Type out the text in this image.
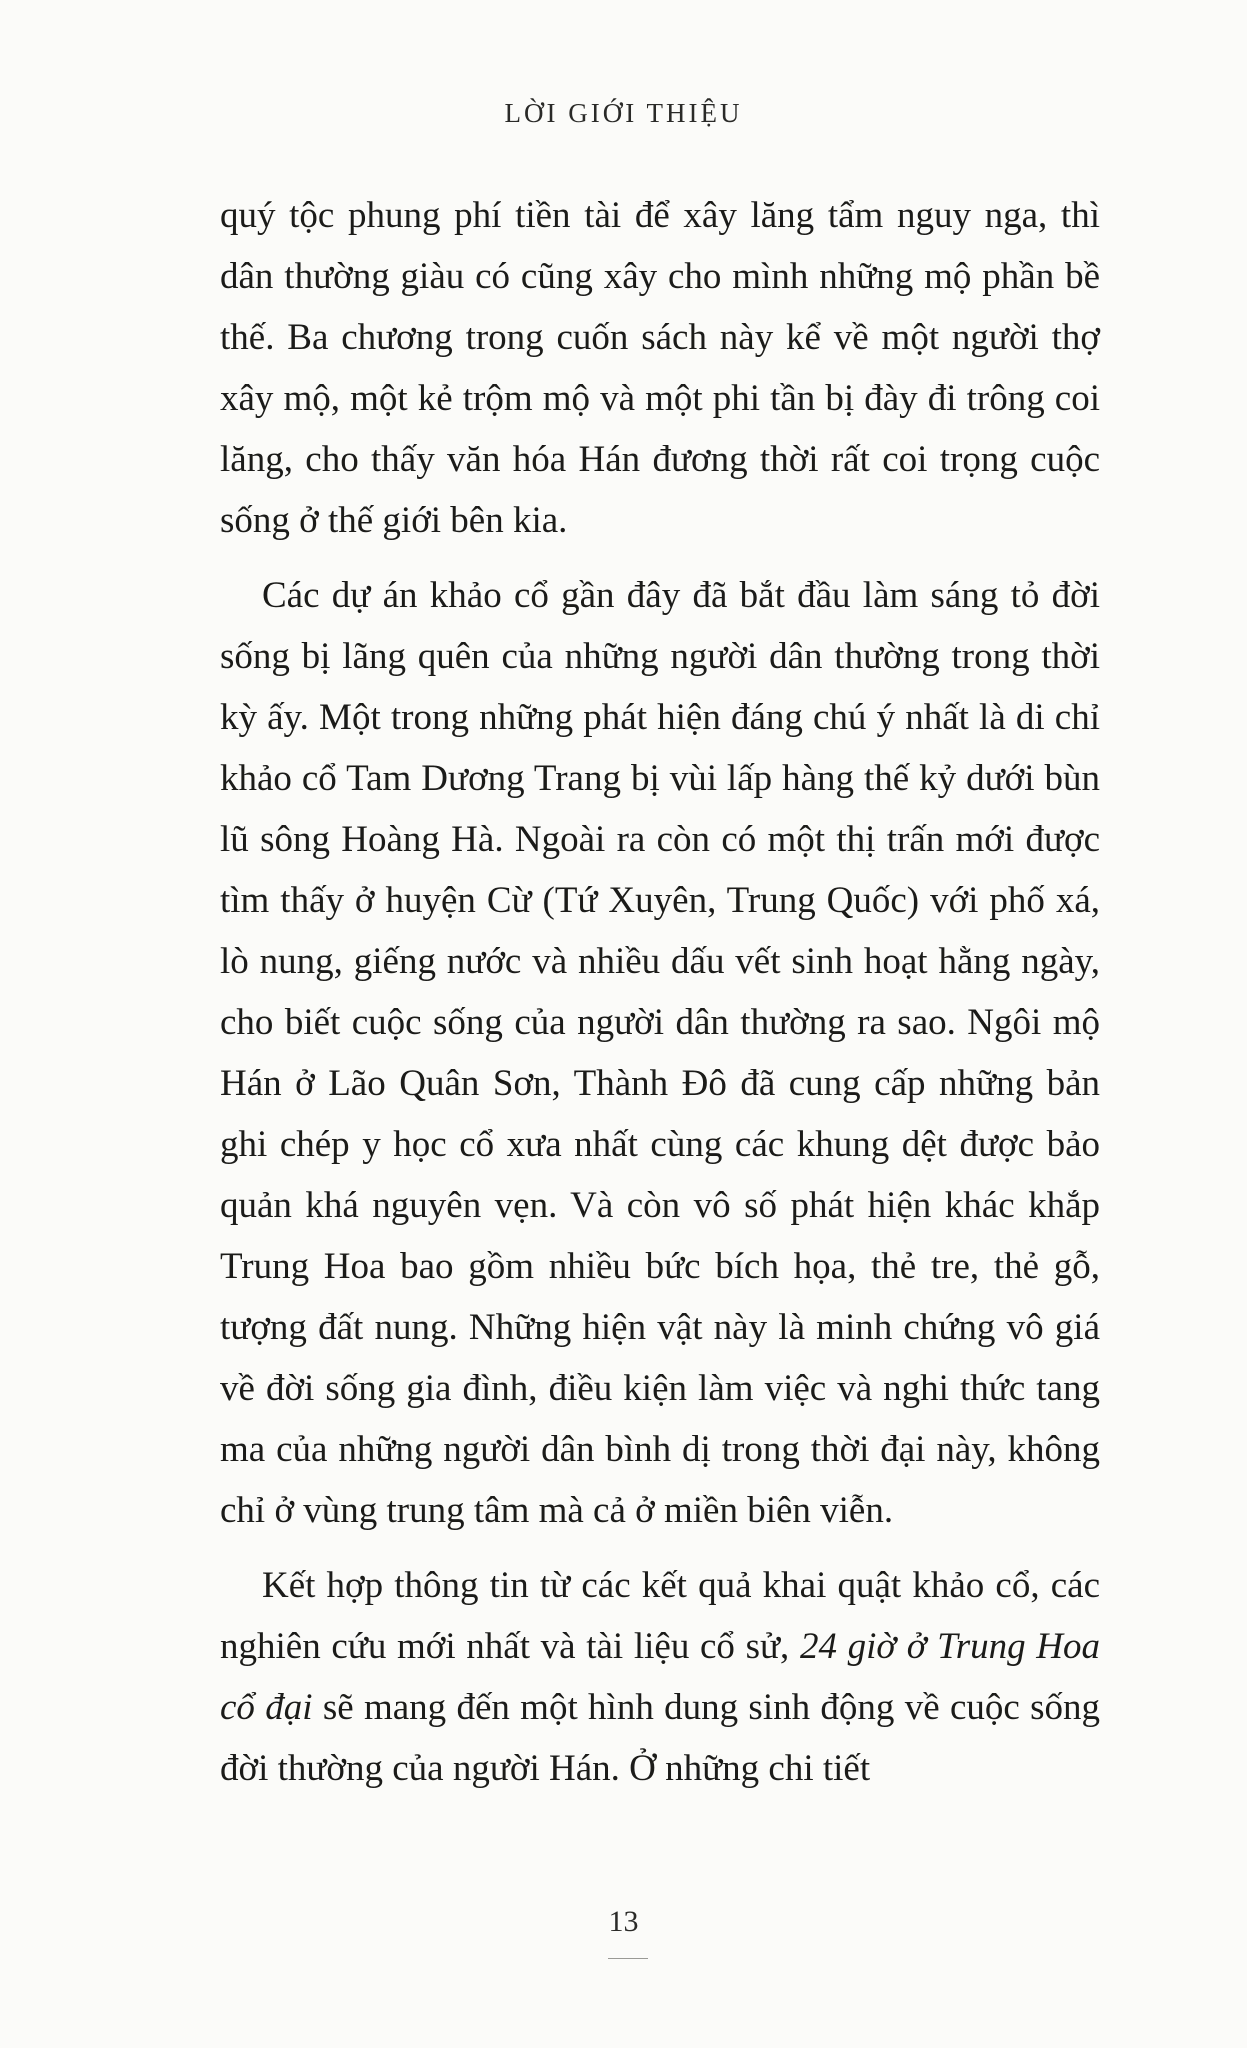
LỜI GIỚI THIỆU

quý tộc phung phí tiền tài để xây lăng tẩm nguy nga, thì dân thường giàu có cũng xây cho mình những mộ phần bề thế. Ba chương trong cuốn sách này kể về một người thợ xây mộ, một kẻ trộm mộ và một phi tần bị đày đi trông coi lăng, cho thấy văn hóa Hán đương thời rất coi trọng cuộc sống ở thế giới bên kia.

Các dự án khảo cổ gần đây đã bắt đầu làm sáng tỏ đời sống bị lãng quên của những người dân thường trong thời kỳ ấy. Một trong những phát hiện đáng chú ý nhất là di chỉ khảo cổ Tam Dương Trang bị vùi lấp hàng thế kỷ dưới bùn lũ sông Hoàng Hà. Ngoài ra còn có một thị trấn mới được tìm thấy ở huyện Cừ (Tứ Xuyên, Trung Quốc) với phố xá, lò nung, giếng nước và nhiều dấu vết sinh hoạt hằng ngày, cho biết cuộc sống của người dân thường ra sao. Ngôi mộ Hán ở Lão Quân Sơn, Thành Đô đã cung cấp những bản ghi chép y học cổ xưa nhất cùng các khung dệt được bảo quản khá nguyên vẹn. Và còn vô số phát hiện khác khắp Trung Hoa bao gồm nhiều bức bích họa, thẻ tre, thẻ gỗ, tượng đất nung. Những hiện vật này là minh chứng vô giá về đời sống gia đình, điều kiện làm việc và nghi thức tang ma của những người dân bình dị trong thời đại này, không chỉ ở vùng trung tâm mà cả ở miền biên viễn.

Kết hợp thông tin từ các kết quả khai quật khảo cổ, các nghiên cứu mới nhất và tài liệu cổ sử, 24 giờ ở Trung Hoa cổ đại sẽ mang đến một hình dung sinh động về cuộc sống đời thường của người Hán. Ở những chi tiết

13
